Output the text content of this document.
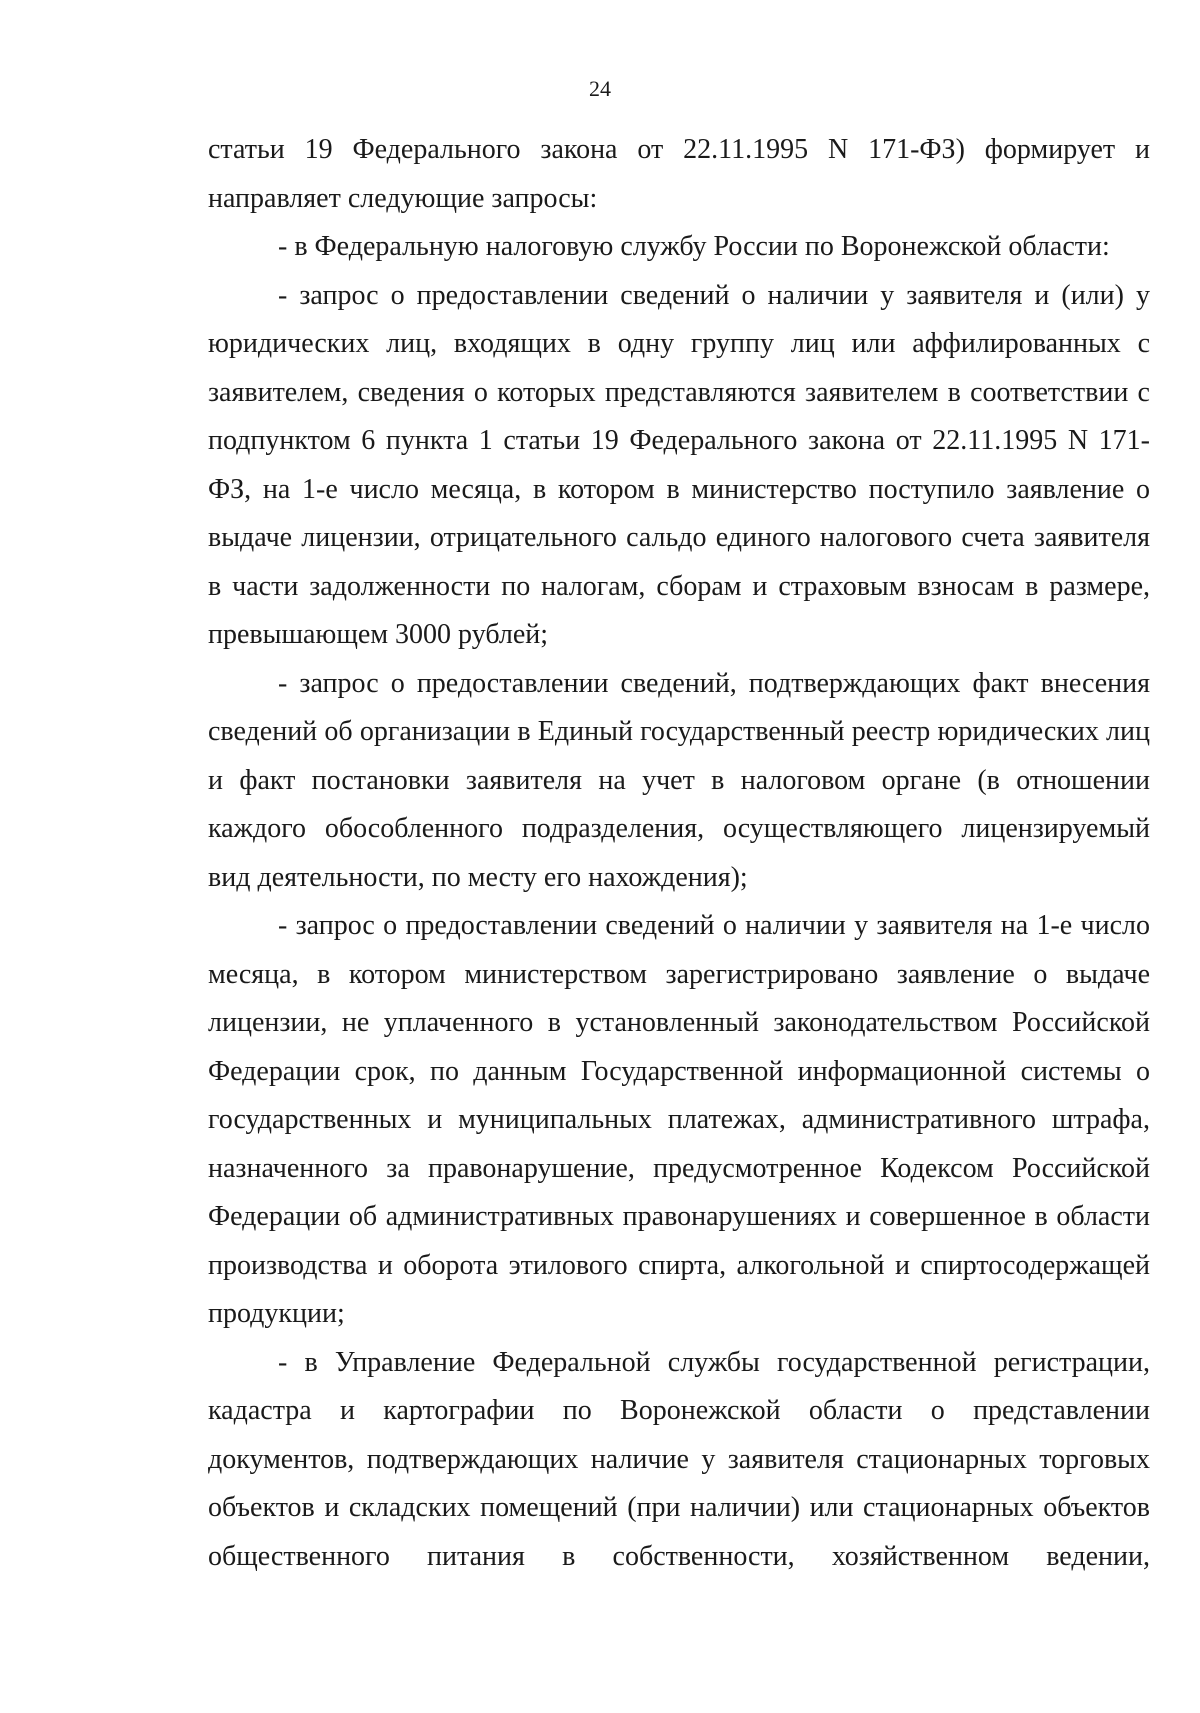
24

статьи 19 Федерального закона от 22.11.1995 N 171-ФЗ) формирует и направляет следующие запросы:

- в Федеральную налоговую службу России по Воронежской области:

- запрос о предоставлении сведений о наличии у заявителя и (или) у юридических лиц, входящих в одну группу лиц или аффилированных с заявителем, сведения о которых представляются заявителем в соответствии с подпунктом 6 пункта 1 статьи 19 Федерального закона от 22.11.1995 N 171-ФЗ, на 1-е число месяца, в котором в министерство поступило заявление о выдаче лицензии, отрицательного сальдо единого налогового счета заявителя в части задолженности по налогам, сборам и страховым взносам в размере, превышающем 3000 рублей;

- запрос о предоставлении сведений, подтверждающих факт внесения сведений об организации в Единый государственный реестр юридических лиц и факт постановки заявителя на учет в налоговом органе (в отношении каждого обособленного подразделения, осуществляющего лицензируемый вид деятельности, по месту его нахождения);

- запрос о предоставлении сведений о наличии у заявителя на 1-е число месяца, в котором министерством зарегистрировано заявление о выдаче лицензии, не уплаченного в установленный законодательством Российской Федерации срок, по данным Государственной информационной системы о государственных и муниципальных платежах, административного штрафа, назначенного за правонарушение, предусмотренное Кодексом Российской Федерации об административных правонарушениях и совершенное в области производства и оборота этилового спирта, алкогольной и спиртосодержащей продукции;

- в Управление Федеральной службы государственной регистрации, кадастра и картографии по Воронежской области о представлении документов, подтверждающих наличие у заявителя стационарных торговых объектов и складских помещений (при наличии) или стационарных объектов общественного питания в собственности, хозяйственном ведении,
